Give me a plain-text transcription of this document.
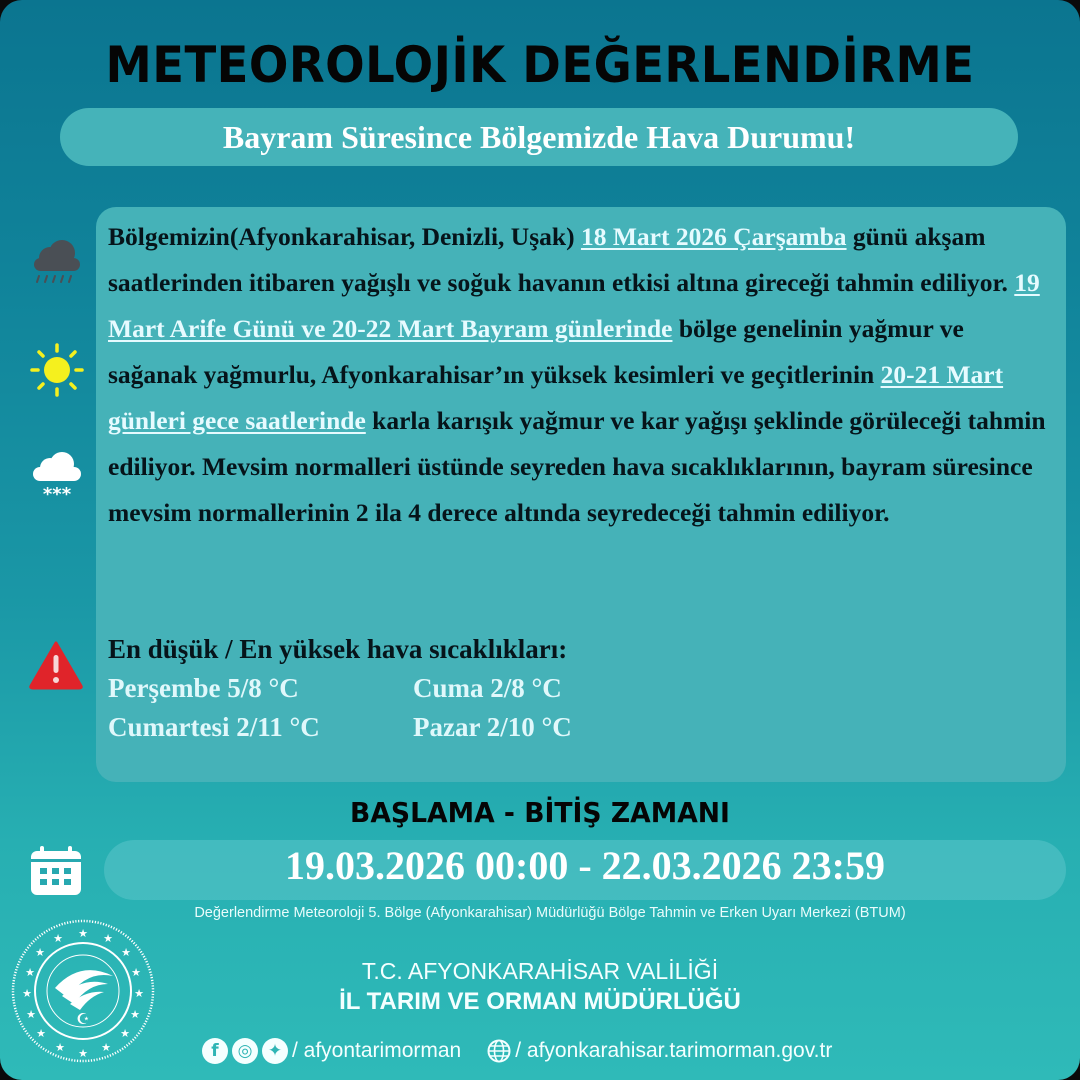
METEOROLOJİK DEĞERLENDİRME
Bayram Süresince Bölgemizde Hava Durumu!
***
Bölgemizin(Afyonkarahisar, Denizli, Uşak) 18 Mart 2026 Çarşamba günü akşam saatlerinden itibaren yağışlı ve soğuk havanın etkisi altına gireceği tahmin ediliyor. 19 Mart Arife Günü ve 20-22 Mart Bayram günlerinde bölge genelinin yağmur ve sağanak yağmurlu, Afyonkarahisar’ın yüksek kesimleri ve geçitlerinin 20-21 Mart günleri gece saatlerinde karla karışık yağmur ve kar yağışı şeklinde görüleceği tahmin ediliyor. Mevsim normalleri üstünde seyreden hava sıcaklıklarının, bayram süresince mevsim normallerinin 2 ila 4 derece altında seyredeceği tahmin ediliyor.
En düşük / En yüksek hava sıcaklıkları:
Perşembe 5/8 °C	Cuma 2/8 °C
Cumartesi 2/11 °C	Pazar 2/10 °C
BAŞLAMA - BİTİŞ ZAMANI
19.03.2026 00:00 - 22.03.2026 23:59
Değerlendirme Meteoroloji 5. Bölge (Afyonkarahisar) Müdürlüğü Bölge Tahmin ve Erken Uyarı Merkezi (BTUM)
★
★	★
★	★
★	★
★	★
★	★
★	★
★	★
★
☪
T.C. AFYONKARAHİSAR VALİLİĞİ
İL TARIM VE ORMAN MÜDÜRLÜĞÜ
f	◎ ✦ / afyontarimorman	/ afyonkarahisar.tarimorman.gov.tr
